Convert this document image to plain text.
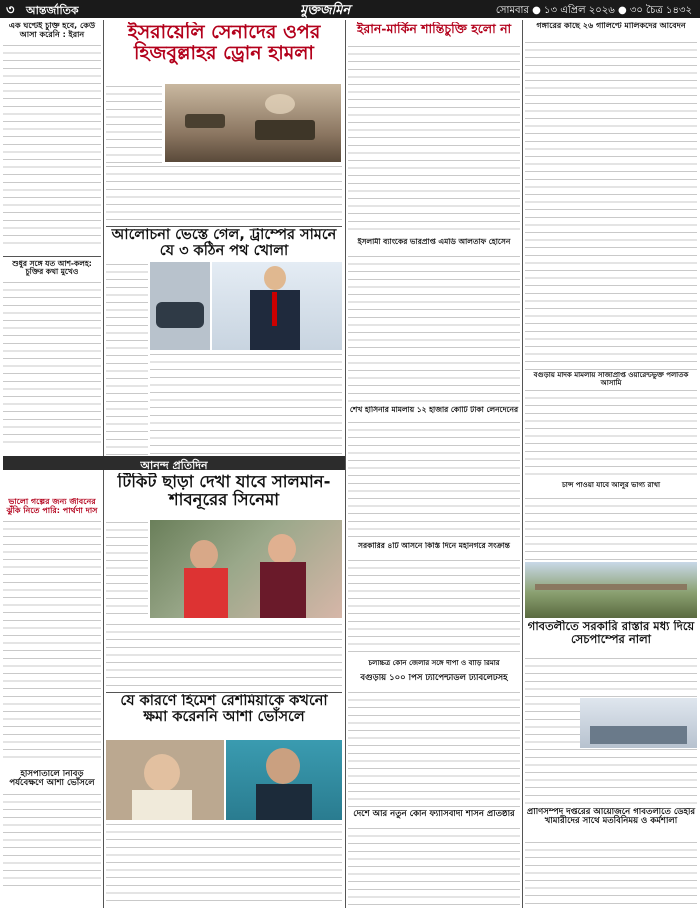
৩ আন্তর্জাতিক	মুক্তজমিন	সোমবার ● ১৩ এপ্রিল ২০২৬ ● ৩০ চৈত্র ১৪৩২

এক ঘণ্টেই চুক্তি হবে, কেউ আসা করেনি : ইরান

শুধুর সঙ্গে যত আশ-কলহ: চুক্তির কথা মুখেও

ভালো গল্পের জন্য জীবনের ঝুঁকি নিতে পারি: পার্থণা দাস

হাসপাতালে নিবিড় পর্যবেক্ষণে আশা ভোঁসলে

ইসরায়েলি সেনাদের ওপর হিজবুল্লাহর ড্রোন হামলা

আলোচনা ভেস্তে গেল, ট্রাম্পের সামনে যে ৩ কঠিন পথ খোলা

আনন্দ প্রতিদিন

টিকিট ছাড়া দেখা যাবে সালমান-শাবনূরের সিনেমা

যে কারণে হিমেশ রেশমিয়াকে কখনো ক্ষমা করেননি আশা ভোঁসলে

ইরান-মার্কিন শান্তিচুক্তি হলো না

ইসলামী ব্যাংকের ভারপ্রাপ্ত এমডি আলতাফ হোসেন

শেখ হাসিনার মামলায় ১২ হাজার কোটি টাকা লেনদেনের

সরকারির ৪টি আসনে কিস্তি দিনে মহানগরে সংক্রান্ত

চলচ্চিত্র কোন জেলার সঙ্গে দীপা ও বাড়ি রিমার

বগুড়ায় ১০০ পিস ট্যাপেন্টাডল ট্যাবলেটসহ

দেশে আর নতুন কোন ফ্যাসিবাদী শাসন প্রতিষ্ঠার

গঙ্গারের কাছে ২৬ গালিণ্টে মালিকদের আবেদন

বগুড়ায় মাদক মামলায় সাজাপ্রাপ্ত ওয়ারেন্টভুক্ত পলাতক আসামি

চান্স পাওয়া যাবে আলুর ভাগ্য রাখা

গাবতলীতে সরকারি রাস্তার মধ্য দিয়ে সেচপাম্পের নালা

প্রাণিসম্পদ দপ্তরের আয়োজনে গাবতলীতে ডেইরি খামারীদের সাথে মতবিনিময় ও কর্মশালা
